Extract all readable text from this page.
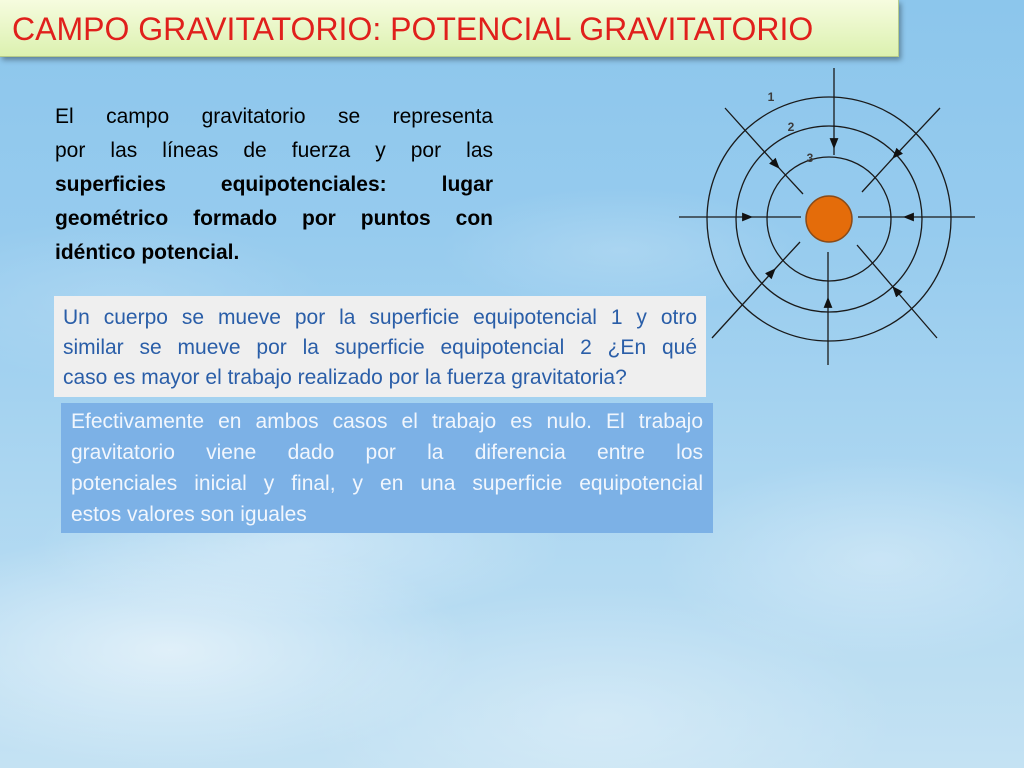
CAMPO GRAVITATORIO: POTENCIAL GRAVITATORIO
El campo gravitatorio se representa
por las líneas de fuerza y por las
superficies equipotenciales: lugar
geométrico formado por puntos con
idéntico potencial.
Un cuerpo se mueve por la superficie equipotencial 1 y otro
similar se mueve por la superficie equipotencial 2 ¿En qué
caso es mayor el trabajo realizado por la fuerza gravitatoria?
Efectivamente en ambos casos el trabajo es nulo. El trabajo
gravitatorio viene dado por la diferencia entre los
potenciales inicial y final, y en una superficie equipotencial
estos valores son iguales
1
2
3
